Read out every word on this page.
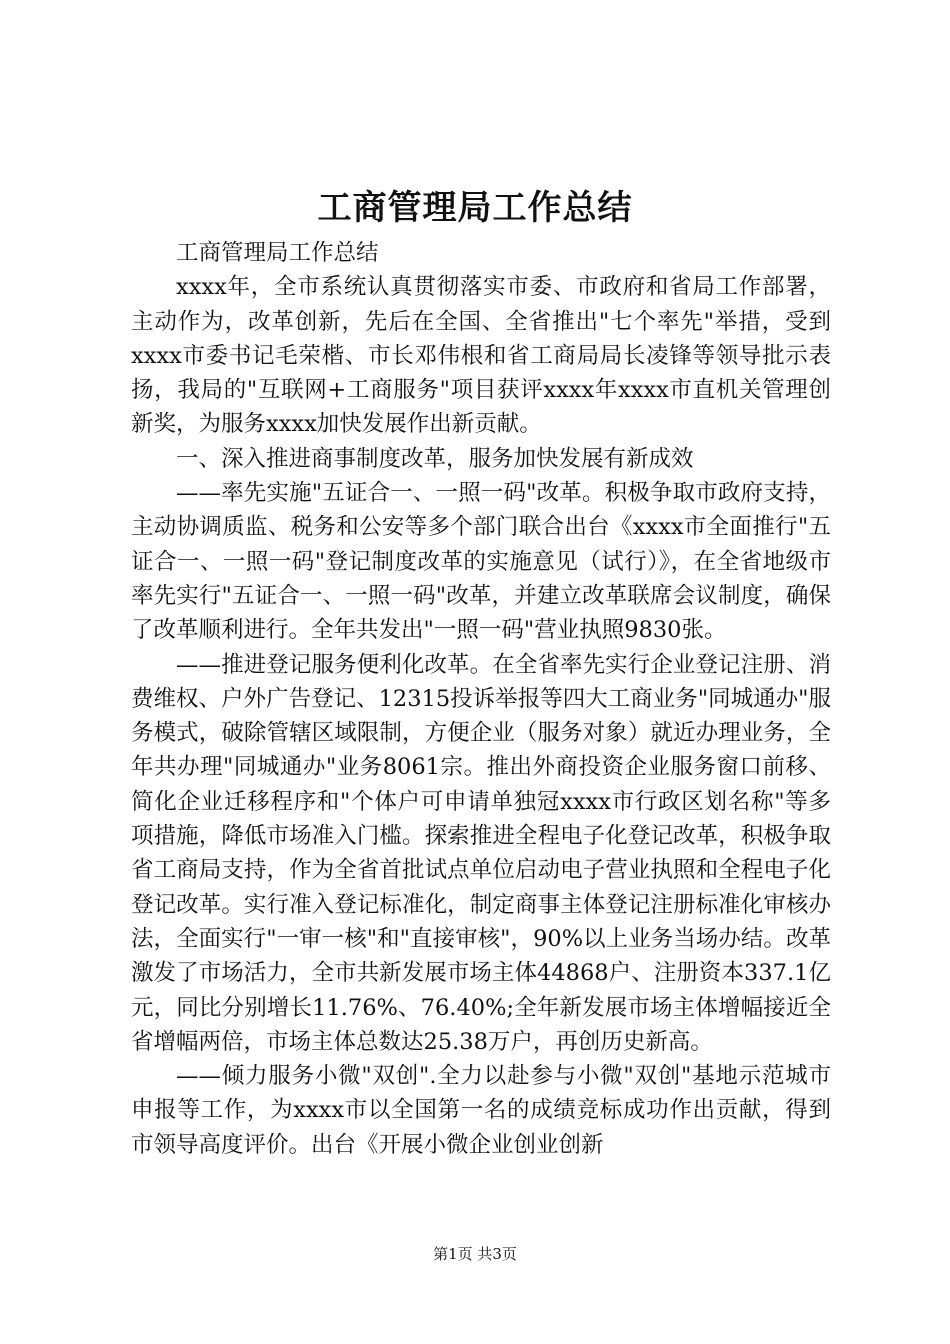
工商管理局工作总结

工商管理局工作总结

xxxx年，全市系统认真贯彻落实市委、市政府和省局工作部署，主动作为，改革创新，先后在全国、全省推出"七个率先"举措，受到xxxx市委书记毛荣楷、市长邓伟根和省工商局局长凌锋等领导批示表扬，我局的"互联网+工商服务"项目获评xxxx年xxxx市直机关管理创新奖，为服务xxxx加快发展作出新贡献。

一、深入推进商事制度改革，服务加快发展有新成效

——率先实施"五证合一、一照一码"改革。积极争取市政府支持，主动协调质监、税务和公安等多个部门联合出台《xxxx市全面推行"五证合一、一照一码"登记制度改革的实施意见（试行）》，在全省地级市率先实行"五证合一、一照一码"改革，并建立改革联席会议制度，确保了改革顺利进行。全年共发出"一照一码"营业执照9830张。

——推进登记服务便利化改革。在全省率先实行企业登记注册、消费维权、户外广告登记、12315投诉举报等四大工商业务"同城通办"服务模式，破除管辖区域限制，方便企业（服务对象）就近办理业务，全年共办理"同城通办"业务8061宗。推出外商投资企业服务窗口前移、简化企业迁移程序和"个体户可申请单独冠xxxx市行政区划名称"等多项措施，降低市场准入门槛。探索推进全程电子化登记改革，积极争取省工商局支持，作为全省首批试点单位启动电子营业执照和全程电子化登记改革。实行准入登记标准化，制定商事主体登记注册标准化审核办法，全面实行"一审一核"和"直接审核"，90%以上业务当场办结。改革激发了市场活力，全市共新发展市场主体44868户、注册资本337.1亿元，同比分别增长11.76%、76.40%;全年新发展市场主体增幅接近全省增幅两倍，市场主体总数达25.38万户，再创历史新高。

——倾力服务小微"双创".全力以赴参与小微"双创"基地示范城市申报等工作，为xxxx市以全国第一名的成绩竞标成功作出贡献，得到市领导高度评价。出台《开展小微企业创业创新

第1页 共3页
